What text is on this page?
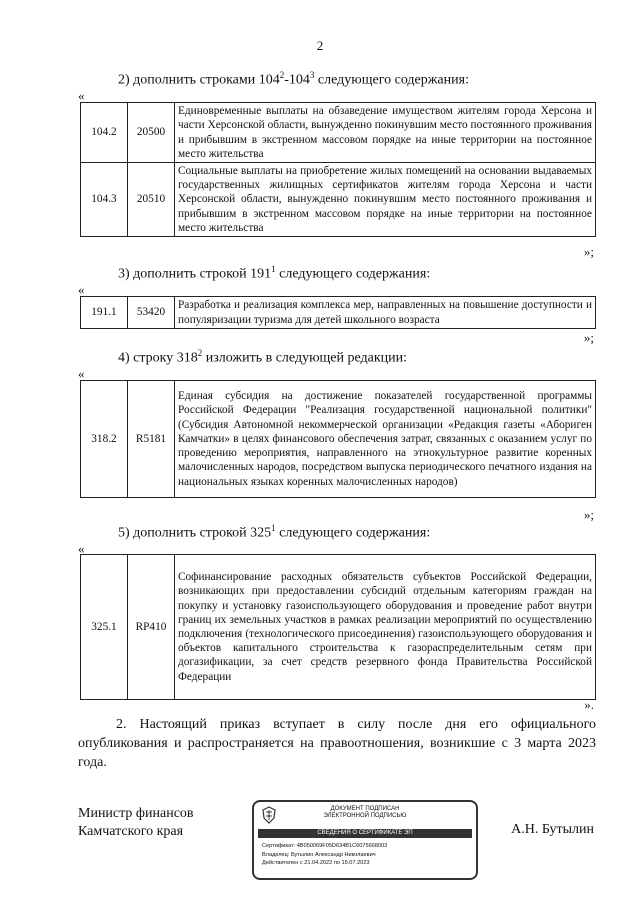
2
2) дополнить строками $104^2-104^3$ следующего содержания:
«
104.2	20500	Единовременные выплаты на обзаведение имуществом жителям города Херсона и части Херсонской области, вынужденно покинувшим место постоянного проживания и прибывшим в экстренном массовом порядке на иные территории на постоянное место жительства
104.3	20510	Социальные выплаты на приобретение жилых помещений на основании выдаваемых государственных жилищных сертификатов жителям города Херсона и части Херсонской области, вынужденно покинувшим место постоянного проживания и прибывшим в экстренном массовом порядке на иные территории на постоянное место жительства
»;
3) дополнить строкой $191^1$ следующего содержания:
«
191.1	53420	Разработка и реализация комплекса мер, направленных на повышение доступности и популяризации туризма для детей школьного возраста
»;
4) строку $318^2$ изложить в следующей редакции:
«
318.2	R5181	Единая субсидия на достижение показателей государственной программы Российской Федерации "Реализация государственной национальной политики" (Субсидия Автономной некоммерческой организации «Редакция газеты «Абориген Камчатки» в целях финансового обеспечения затрат, связанных с оказанием услуг по проведению мероприятия, направленного на этнокультурное развитие коренных малочисленных народов, посредством выпуска периодического печатного издания на национальных языках коренных малочисленных народов)
»;
5) дополнить строкой $325^1$ следующего содержания:
«
325.1	RP410	Софинансирование расходных обязательств субъектов Российской Федерации, возникающих при предоставлении субсидий отдельным категориям граждан на покупку и установку газоиспользующего оборудования и проведение работ внутри границ их земельных участков в рамках реализации мероприятий по осуществлению подключения (технологического присоединения) газоиспользующего оборудования и объектов капитального строительства к газораспределительным сетям при догазификации, за счет средств резервного фонда Правительства Российской Федерации
».
2. Настоящий приказ вступает в силу после дня его официального опубликования и распространяется на правоотношения, возникшие с 3 марта 2023 года.
Министр финансов
Камчатского края
ДОКУМЕНТ ПОДПИСАН
ЭЛЕКТРОННОЙ ПОДПИСЬЮ
СВЕДЕНИЯ О СЕРТИФИКАТЕ ЭП
Сертификат: 4B050069F05D634B1C6075668003
Владелец: Бутылин Александр Николаевич
Действителен с 21.04.2022 по 15.07.2023
А.Н. Бутылин
